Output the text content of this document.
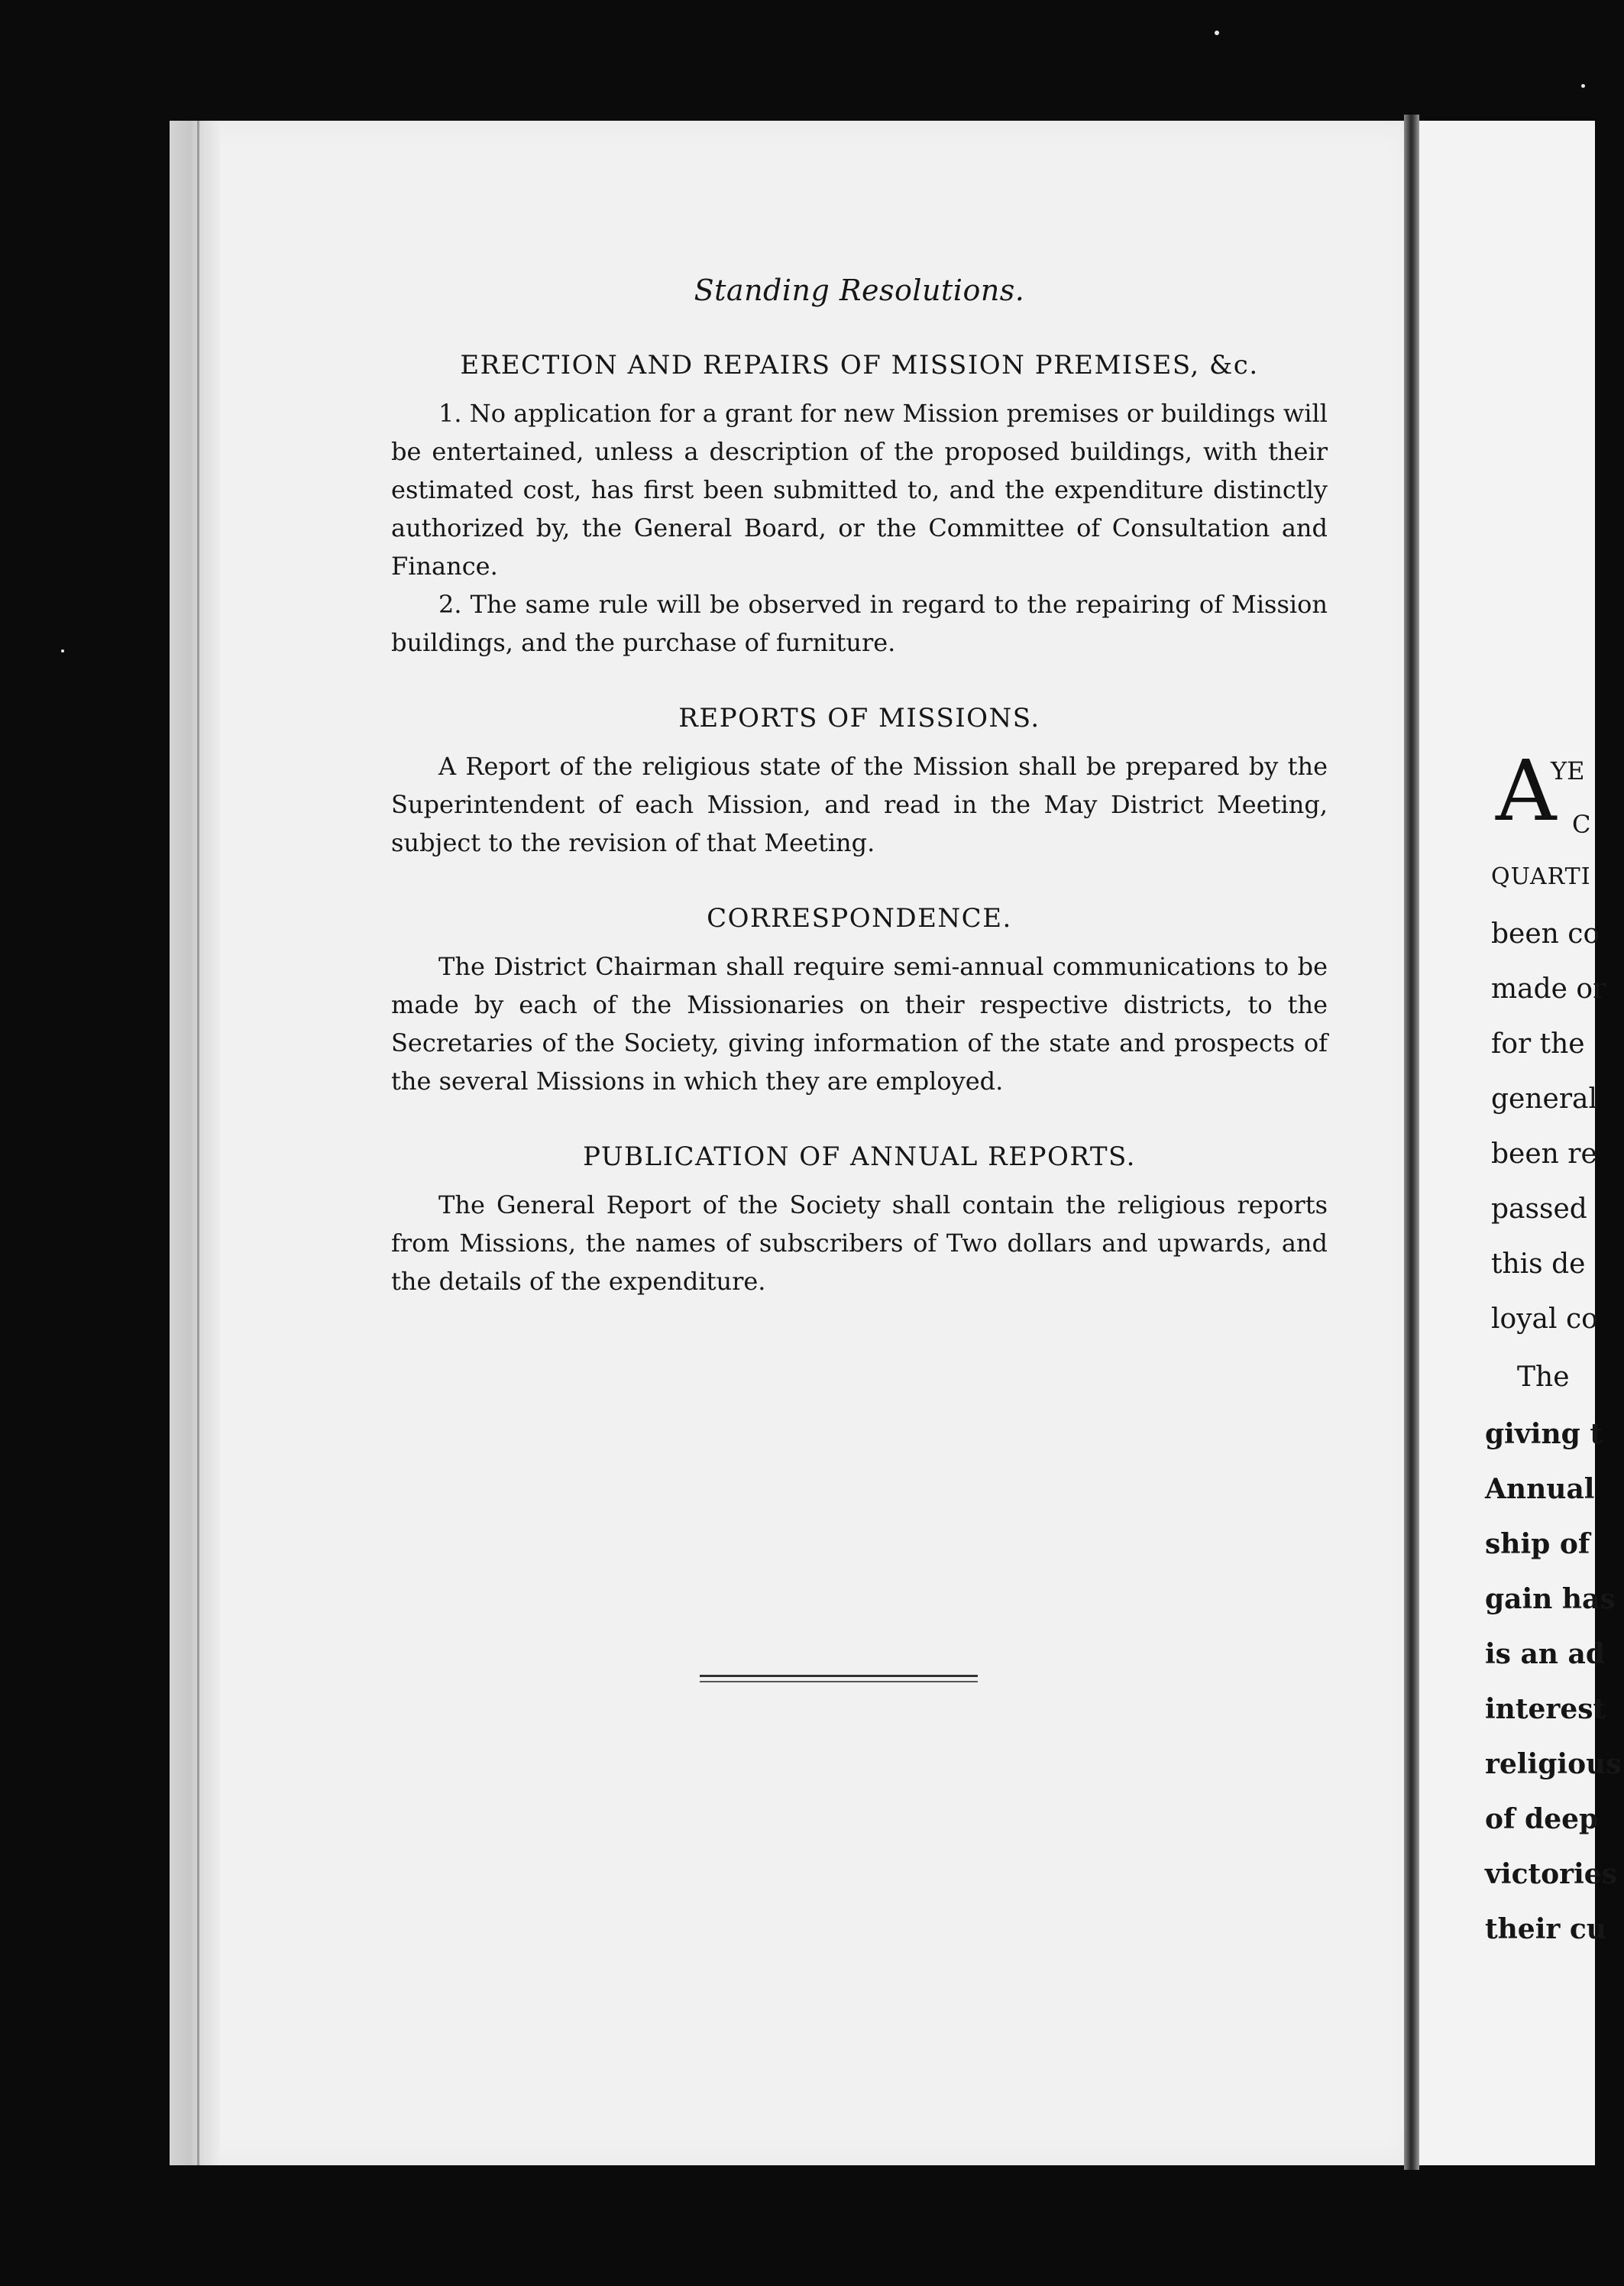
Standing Resolutions.
ERECTION AND REPAIRS OF MISSION PREMISES, &c.

1. No application for a grant for new Mission premises or buildings will be entertained, unless a description of the proposed buildings, with their estimated cost, has first been submitted to, and the expenditure distinctly authorized by, the General Board, or the Committee of Consultation and Finance.

2. The same rule will be observed in regard to the repairing of Mission buildings, and the purchase of furniture.

REPORTS OF MISSIONS.

A Report of the religious state of the Mission shall be prepared by the Superintendent of each Mission, and read in the May District Meeting, subject to the revision of that Meeting.

CORRESPONDENCE.

The District Chairman shall require semi-annual communications to be made by each of the Missionaries on their respective districts, to the Secretaries of the Society, giving information of the state and prospects of the several Missions in which they are employed.

PUBLICATION OF ANNUAL REPORTS.

The General Report of the Society shall contain the religious reports from Missions, the names of subscribers of Two dollars and upwards, and the details of the expenditure.

A
YE
C
QUARTI
been co
made or
for the
general
been re
passed
this de
loyal co
The
giving t
Annual
ship of
gain has
is an ad
interest
religious
of deep
victories
their cu
